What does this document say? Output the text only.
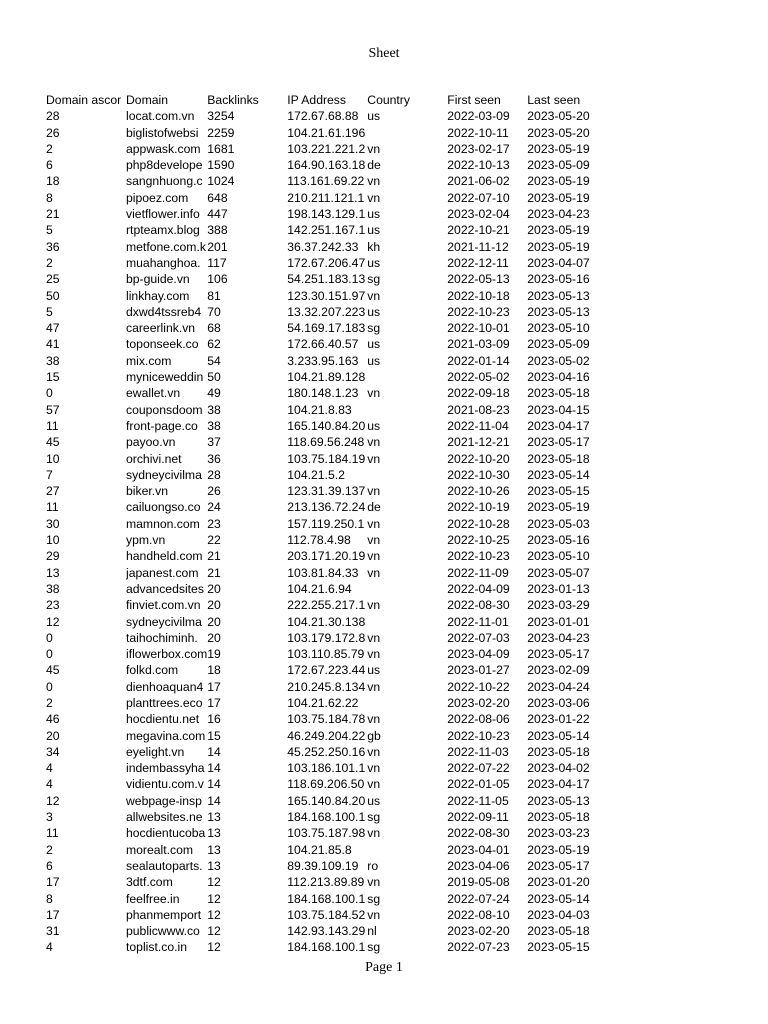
Sheet
Domain ascor	Domain	Backlinks	IP Address	Country	First seen	Last seen
28	locat.com.vn	3254	172.67.68.88	us	2022-03-09	2023-05-20
26	biglistofwebsi	2259	104.21.61.196		2022-10-11	2023-05-20
2	appwask.com	1681	103.221.221.2	vn	2023-02-17	2023-05-19
6	php8develope	1590	164.90.163.18	de	2022-10-13	2023-05-09
18	sangnhuong.c	1024	113.161.69.22	vn	2021-06-02	2023-05-19
8	pipoez.com	648	210.211.121.1	vn	2022-07-10	2023-05-19
21	vietflower.info	447	198.143.129.1	us	2023-02-04	2023-04-23
5	rtpteamx.blog	388	142.251.167.1	us	2022-10-21	2023-05-19
36	metfone.com.k	201	36.37.242.33	kh	2021-11-12	2023-05-19
2	muahanghoa.	117	172.67.206.47	us	2022-12-11	2023-04-07
25	bp-guide.vn	106	54.251.183.13	sg	2022-05-13	2023-05-16
50	linkhay.com	81	123.30.151.97	vn	2022-10-18	2023-05-13
5	dxwd4tssreb4	70	13.32.207.223	us	2022-10-23	2023-05-13
47	careerlink.vn	68	54.169.17.183	sg	2022-10-01	2023-05-10
41	toponseek.co	62	172.66.40.57	us	2021-03-09	2023-05-09
38	mix.com	54	3.233.95.163	us	2022-01-14	2023-05-02
15	myniceweddin	50	104.21.89.128		2022-05-02	2023-04-16
0	ewallet.vn	49	180.148.1.23	vn	2022-09-18	2023-05-18
57	couponsdoom	38	104.21.8.83		2021-08-23	2023-04-15
11	front-page.co	38	165.140.84.20	us	2022-11-04	2023-04-17
45	payoo.vn	37	118.69.56.248	vn	2021-12-21	2023-05-17
10	orchivi.net	36	103.75.184.19	vn	2022-10-20	2023-05-18
7	sydneycivilma	28	104.21.5.2		2022-10-30	2023-05-14
27	biker.vn	26	123.31.39.137	vn	2022-10-26	2023-05-15
11	cailuongso.co	24	213.136.72.24	de	2022-10-19	2023-05-19
30	mamnon.com	23	157.119.250.1	vn	2022-10-28	2023-05-03
10	ypm.vn	22	112.78.4.98	vn	2022-10-25	2023-05-16
29	handheld.com	21	203.171.20.19	vn	2022-10-23	2023-05-10
13	japanest.com	21	103.81.84.33	vn	2022-11-09	2023-05-07
38	advancedsites	20	104.21.6.94		2022-04-09	2023-01-13
23	finviet.com.vn	20	222.255.217.1	vn	2022-08-30	2023-03-29
12	sydneycivilma	20	104.21.30.138		2022-11-01	2023-01-01
0	taihochiminh.	20	103.179.172.8	vn	2022-07-03	2023-04-23
0	iflowerbox.com	19	103.110.85.79	vn	2023-04-09	2023-05-17
45	folkd.com	18	172.67.223.44	us	2023-01-27	2023-02-09
0	dienhoaquan4	17	210.245.8.134	vn	2022-10-22	2023-04-24
2	planttrees.eco	17	104.21.62.22		2023-02-20	2023-03-06
46	hocdientu.net	16	103.75.184.78	vn	2022-08-06	2023-01-22
20	megavina.com	15	46.249.204.22	gb	2022-10-23	2023-05-14
34	eyelight.vn	14	45.252.250.16	vn	2022-11-03	2023-05-18
4	indembassyha	14	103.186.101.1	vn	2022-07-22	2023-04-02
4	vidientu.com.v	14	118.69.206.50	vn	2022-01-05	2023-04-17
12	webpage-insp	14	165.140.84.20	us	2022-11-05	2023-05-13
3	allwebsites.ne	13	184.168.100.1	sg	2022-09-11	2023-05-18
11	hocdientucoba	13	103.75.187.98	vn	2022-08-30	2023-03-23
2	morealt.com	13	104.21.85.8		2023-04-01	2023-05-19
6	sealautoparts.	13	89.39.109.19	ro	2023-04-06	2023-05-17
17	3dtf.com	12	112.213.89.89	vn	2019-05-08	2023-01-20
8	feelfree.in	12	184.168.100.1	sg	2022-07-24	2023-05-14
17	phanmemport	12	103.75.184.52	vn	2022-08-10	2023-04-03
31	publicwww.co	12	142.93.143.29	nl	2023-02-20	2023-05-18
4	toplist.co.in	12	184.168.100.1	sg	2022-07-23	2023-05-15
Page 1
